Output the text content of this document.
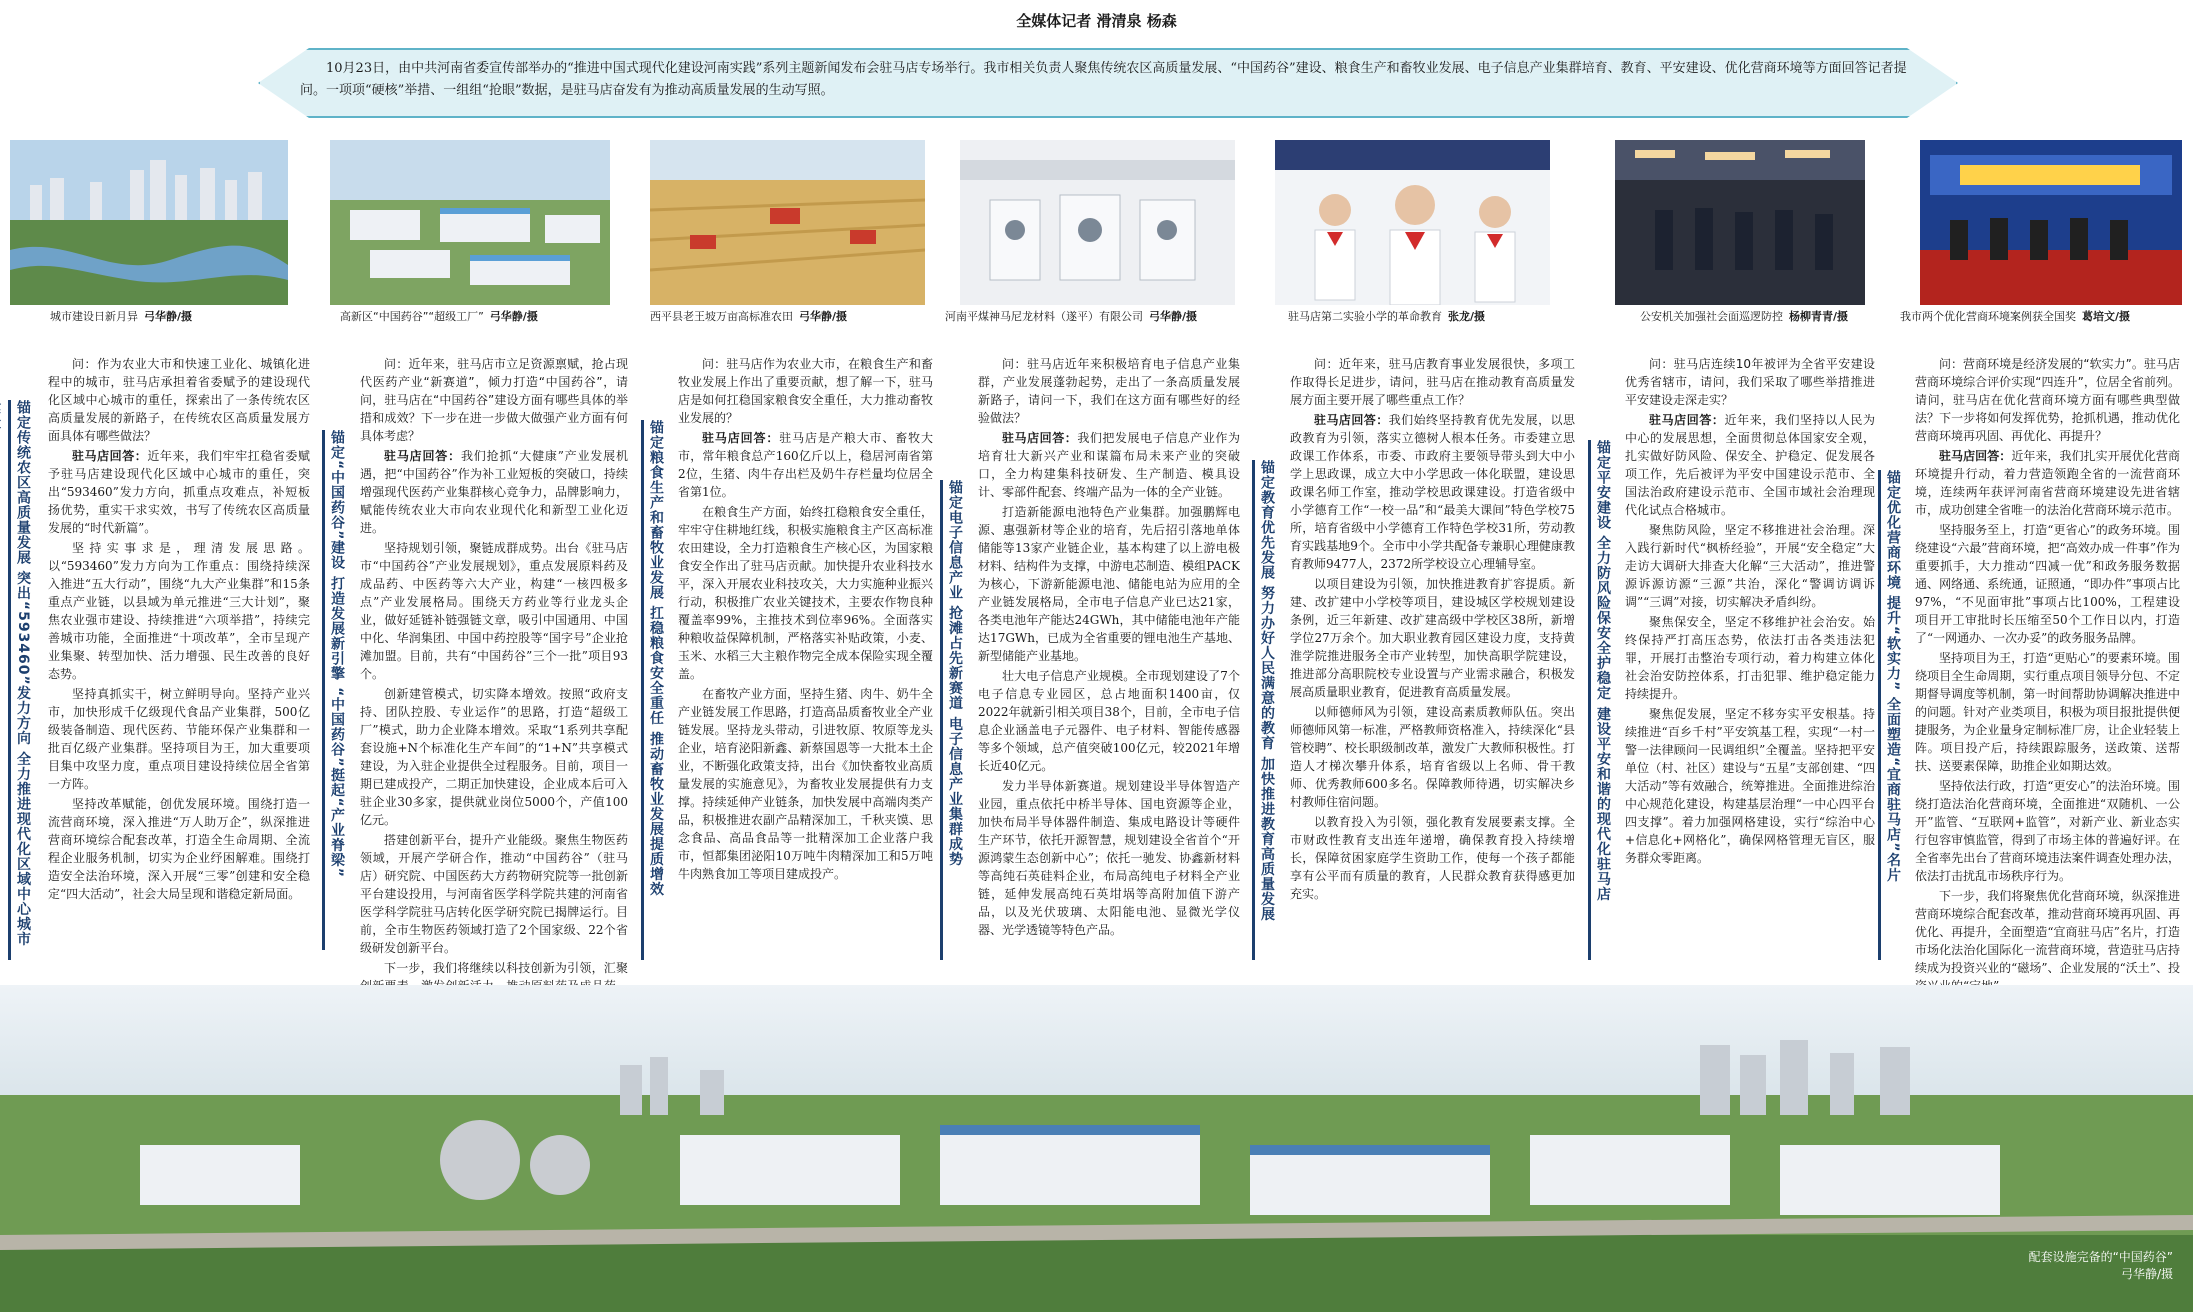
全媒体记者 滑清泉 杨森
10月23日，由中共河南省委宣传部举办的“推进中国式现代化建设河南实践”系列主题新闻发布会驻马店专场举行。我市相关负责人聚焦传统农区高质量发展、“中国药谷”建设、粮食生产和畜牧业发展、电子信息产业集群培育、教育、平安建设、优化营商环境等方面回答记者提问。一项项“硬核”举措、一组组“抢眼”数据，是驻马店奋发有为推动高质量发展的生动写照。
城市建设日新月异 弓华静/摄	高新区“中国药谷”“超级工厂” 弓华静/摄	西平县老王坡万亩高标准农田 弓华静/摄	河南平煤神马尼龙材料（遂平）有限公司 弓华静/摄	驻马店第二实验小学的革命教育 张龙/摄	公安机关加强社会面巡逻防控 杨柳青青/摄	我市两个优化营商环境案例获全国奖 葛培文/摄
锚定传统农区高质量发展 突出“593460”发力方向 全力推进现代化区域中心城市
锚定“中国药谷”建设 打造发展新引擎 “中国药谷”挺起“产业脊梁”	锚定粮食生产和畜牧业发展 扛稳粮食安全重任 推动畜牧业发展提质增效	锚定电子信息产业 抢滩占先新赛道 电子信息产业集群成势	锚定教育优先发展 努力办好人民满意的教育 加快推进教育高质量发展	锚定平安建设 全力防风险保安全护稳定 建设平安和谐的现代化驻马店	锚定优化营商环境 提升“软实力” 全面塑造“宜商驻马店”名片

问：作为农业大市和快速工业化、城镇化进程中的城市，驻马店承担着省委赋予的建设现代化区域中心城市的重任，探索出了一条传统农区高质量发展的新路子，在传统农区高质量发展方面具体有哪些做法？

驻马店回答：近年来，我们牢牢扛稳省委赋予驻马店建设现代化区域中心城市的重任，突出“593460”发力方向，抓重点攻难点，补短板扬优势，重实干求实效，书写了传统农区高质量发展的“时代新篇”。

坚持实事求是，理清发展思路。以“593460”发力方向为工作重点：围绕持续深入推进“五大行动”，围绕“九大产业集群”和15条重点产业链，以县域为单元推进“三大计划”，聚焦农业强市建设、持续推进“六项举措”，持续完善城市功能，全面推进“十项改革”，全市呈现产业集聚、转型加快、活力增强、民生改善的良好态势。

坚持真抓实干，树立鲜明导向。坚持产业兴市，加快形成千亿级现代食品产业集群，500亿级装备制造、现代医药、节能环保产业集群和一批百亿级产业集群。坚持项目为王，加大重要项目集中攻坚力度，重点项目建设持续位居全省第一方阵。

坚持改革赋能，创优发展环境。围绕打造一流营商环境，深入推进“万人助万企”，纵深推进营商环境综合配套改革，打造全生命周期、全流程企业服务机制，切实为企业纾困解难。围绕打造安全法治环境，深入开展“三零”创建和安全稳定“四大活动”，社会大局呈现和谐稳定新局面。

问：近年来，驻马店市立足资源禀赋，抢占现代医药产业“新赛道”，倾力打造“中国药谷”，请问，驻马店在“中国药谷”建设方面有哪些具体的举措和成效？下一步在进一步做大做强产业方面有何具体考虑？

驻马店回答：我们抢抓“大健康”产业发展机遇，把“中国药谷”作为补工业短板的突破口，持续增强现代医药产业集群核心竞争力，品牌影响力，赋能传统农业大市向农业现代化和新型工业化迈进。

坚持规划引领，聚链成群成势。出台《驻马店市“中国药谷”产业发展规划》，重点发展原料药及成品药、中医药等六大产业，构建“一核四极多点”产业发展格局。围绕天方药业等行业龙头企业，做好延链补链强链文章，吸引中国通用、中国中化、华润集团、中国中药控股等“国字号”企业抢滩加盟。目前，共有“中国药谷”三个一批”项目93个。

创新建管模式，切实降本增效。按照“政府支持、团队控股、专业运作”的思路，打造“超级工厂”模式，助力企业降本增效。采取“1系列共享配套设施+N个标准化生产车间”的“1+N”共享模式建设，为入驻企业提供全过程服务。目前，项目一期已建成投产，二期正加快建设，企业成本后可入驻企业30多家，提供就业岗位5000个，产值100亿元。

搭建创新平台，提升产业能级。聚焦生物医药领域，开展产学研合作，推动“中国药谷”（驻马店）研究院、中国医药大方药物研究院等一批创新平台建设投用，与河南省医学科学院共建的河南省医学科学院驻马店转化医学研究院已揭牌运行。目前，全市生物医药领域打造了2个国家级、22个省级研发创新平台。

下一步，我们将继续以科技创新为引领，汇聚

问：驻马店作为农业大市，在粮食生产和畜牧业发展上作出了重要贡献，想了解一下，驻马店是如何扛稳国家粮食安全重任，大力推动畜牧业发展的？

驻马店回答：驻马店是产粮大市、畜牧大市，常年粮食总产160亿斤以上，稳居河南省第2位，生猪、肉牛存出栏及奶牛存栏量均位居全省第1位。

在粮食生产方面，始终扛稳粮食安全重任，牢牢守住耕地红线，积极实施粮食主产区高标准农田建设，全力打造粮食生产核心区，为国家粮食安全作出了驻马店贡献。加快提升农业科技水平，深入开展农业科技攻关，大力实施种业振兴行动，积极推广农业关键技术，主要农作物良种覆盖率99%，主推技术到位率96%。全面落实种粮收益保障机制，严格落实补贴政策，小麦、玉米、水稻三大主粮作物完全成本保险实现全覆盖。

在畜牧产业方面，坚持生猪、肉牛、奶牛全产业链发展工作思路，打造高品质畜牧业全产业链发展。坚持龙头带动，引进牧原、牧原等龙头企业，培育泌阳新鑫、新蔡国恩等一大批本土企业，不断强化政策支持，出台《加快畜牧业高质量发展的实施意见》，为畜牧业发展提供有力支撑。持续延伸产业链条，加快发展中高端肉类产品，积极推进农副产品精深加工，千秋夹馍、思念食品、高品食品等一批精深加工企业落户我市，恒都集团泌阳10万吨牛肉精深加工和5万吨牛肉熟食加工等项目建成投产。

问：驻马店近年来积极培育电子信息产业集群，产业发展蓬勃起势，走出了一条高质量发展新路子，请问一下，我们在这方面有哪些好的经验做法？

驻马店回答：我们把发展电子信息产业作为培育壮大新兴产业和谋篇布局未来产业的突破口，全力构建集科技研发、生产制造、模具设计、零部件配套、终端产品为一体的全产业链。

打造新能源电池特色产业集群。加强鹏辉电源、惠强新材等企业的培育，先后招引落地单体储能等13家产业链企业，基本构建了以上游电极材料、结构件为支撑，中游电芯制造、模组PACK为核心，下游新能源电池、储能电站为应用的全产业链发展格局，全市电子信息产业已达21家，各类电池年产能达24GWh，其中储能电池年产能达17GWh，已成为全省重要的锂电池生产基地、新型储能产业基地。

壮大电子信息产业规模。全市现划建设了7个电子信息专业园区，总占地面积1400亩，仅2022年就新引相关项目38个，目前，全市电子信息企业涵盖电子元器件、电子材料、智能传感器等多个领域，总产值突破100亿元，较2021年增长近40亿元。

发力半导体新赛道。规划建设半导体智造产业园，重点依托中桥半导体、国电资源等企业，加快布局半导体器件制造、集成电路设计等硬件生产环节，依托开源智慧，规划建设全省首个“开源鸿蒙生态创新中心”；依托一驰发、协鑫新材料等高纯石英硅料企业，布局高纯电子材料全产业链，延伸发展高纯石英坩埚等高附加值下游产品，以及光伏玻璃、太阳能电池、显微光学仪器、光学透镜等特色产品。

问：近年来，驻马店教育事业发展很快，多项工作取得长足进步，请问，驻马店在推动教育高质量发展方面主要开展了哪些重点工作？

驻马店回答：我们始终坚持教育优先发展，以思政教育为引领，落实立德树人根本任务。市委建立思政课工作体系，市委、市政府主要领导带头到大中小学上思政课，成立大中小学思政一体化联盟，建设思政课名师工作室，推动学校思政课建设。打造省级中小学德育工作“一校一品”和“最美大课间”特色学校75所，培育省级中小学德育工作特色学校31所，劳动教育实践基地9个。全市中小学共配备专兼职心理健康教育教师9477人，2372所学校设立心理辅导室。

以项目建设为引领，加快推进教育扩容提质。新建、改扩建中小学校等项目，建设城区学校规划建设条例，近三年新建、改扩建高级中学校区38所，新增学位27万余个。加大职业教育园区建设力度，支持黄淮学院推进服务全市产业转型，加快高职学院建设，推进部分高职院校专业设置与产业需求融合，积极发展高质量职业教育，促进教育高质量发展。

以师德师风为引领，建设高素质教师队伍。突出师德师风第一标准，严格教师资格准入，持续深化“县管校聘”、校长职级制改革，激发广大教师积极性。打造人才梯次攀升体系，培育省级以上名师、骨干教师、优秀教师600多名。保障教师待遇，切实解决乡村教师住宿问题。

以教育投入为引领，强化教育发展要素支撑。全市财政性教育支出连年递增，确保教育投入持续增长，保障贫困家庭学生资助工作，使每一个孩子都能享有公平而有质量的教育，人民群众教育获得感更加充实。

问：驻马店连续10年被评为全省平安建设优秀省辖市，请问，我们采取了哪些举措推进平安建设走深走实？

驻马店回答：近年来，我们坚持以人民为中心的发展思想，全面贯彻总体国家安全观，扎实做好防风险、保安全、护稳定、促发展各项工作，先后被评为平安中国建设示范市、全国法治政府建设示范市、全国市域社会治理现代化试点合格城市。

聚焦防风险，坚定不移推进社会治理。深入践行新时代“枫桥经验”，开展“安全稳定”大走访大调研大排查大化解“三大活动”，推进警源诉源访源“三源”共治，深化“警调访调诉调”“三调”对接，切实解决矛盾纠纷。

聚焦保安全，坚定不移维护社会治安。始终保持严打高压态势，依法打击各类违法犯罪，开展打击整治专项行动，着力构建立体化社会治安防控体系，打击犯罪、维护稳定能力持续提升。

聚焦促发展，坚定不移夯实平安根基。持续推进“百乡千村”平安筑基工程，实现“一村一警一法律顾问一民调组织”全覆盖。坚持把平安单位（村、社区）建设与“五星”支部创建、“四大活动”等有效融合，统筹推进。全面推进综治中心规范化建设，构建基层治理“一中心四平台四支撑”。着力加强网格建设，实行“综治中心+信息化+网格化”，确保网格管理无盲区，服务群众零距离。

问：营商环境是经济发展的“软实力”。驻马店营商环境综合评价实现“四连升”，位居全省前列。请问，驻马店在优化营商环境方面有哪些典型做法？下一步将如何发挥优势，抢抓机遇，推动优化营商环境再巩固、再优化、再提升？

驻马店回答：近年来，我们扎实开展优化营商环境提升行动，着力营造领跑全省的一流营商环境，连续两年获评河南省营商环境建设先进省辖市，成功创建全省唯一的法治化营商环境示范市。

坚持服务至上，打造“更省心”的政务环境。围绕建设“六最”营商环境，把“高效办成一件事”作为重要抓手，大力推动“四减一优”和政务服务数据通、网络通、系统通，证照通，“即办件”事项占比97%，“不见面审批”事项占比100%，工程建设项目开工审批时长压缩至50个工作日以内，打造了“一网通办、一次办妥”的政务服务品牌。

坚持项目为王，打造“更贴心”的要素环境。围绕项目全生命周期，实行重点项目领导分包、不定期督导调度等机制，第一时间帮助协调解决推进中的问题。针对产业类项目，积极为项目报批提供便捷服务，为企业量身定制标准厂房，让企业轻装上阵。项目投产后，持续跟踪服务，送政策、送帮扶、送要素保障，助推企业如期达效。

坚持依法行政，打造“更安心”的法治环境。围绕打造法治化营商环境，全面推进“双随机、一公开”监管、“互联网+监管”，对新产业、新业态实行包容审慎监管，得到了市场主体的普遍好评。在全省率先出台了营商环境违法案件调查处理办法，依法打击扰乱市场秩序行为。

下一步，我们将聚焦优化营商环境，纵深推进营商环境综合配套改革，推动营商环境再巩固、再优化、再提升，全面塑造“宜商驻马店”名片，打造市场化法治化国际化一流营商环境，营造驻马店持续成为投资兴业的“磁场”、企业发展的“沃土”、投

配套设施完备的“中国药谷”
弓华静/摄
